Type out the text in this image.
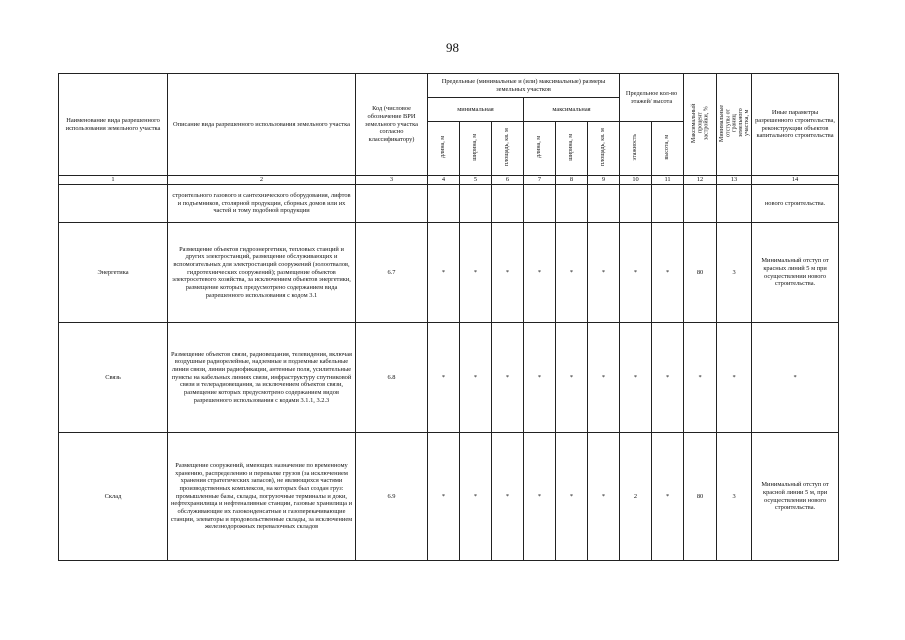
98
Наименование вида разрешенного использования земельного участка	Описание вида разрешенного использования земельного участка	Код (числовое обозначение ВРИ земельного участка согласно классификатору)	Предельные (минимальные и (или) максимальные) размеры земельных участков						Предельное кол-во этажей/ высота		Максимальный процент застройки, %	Минимальные отступы от границ земельного участка, м	Иные параметры разрешенного строительства, реконструкции объектов капитального строительства
			минимальная			максимальная							
			длина, м	ширина, м	площадь, кв. м	длина, м	ширина, м	площадь, кв. м	этажность	высота, м			
1	2	3	4	5	6	7	8	9	10	11	12	13	14
	строительного газового и сантехнического оборудования, лифтов и подъемников, столярной продукции, сборных домов или их частей и тому подобной продукции												нового строительства.
Энергетика	Размещение объектов гидроэнергетики, тепловых станций и других электростанций, размещение обслуживающих и вспомогательных для электростанций сооружений (золоотвалов, гидротехнических сооружений); размещение объектов электросетевого хозяйства, за исключением объектов энергетики, размещение которых предусмотрено содержанием вида разрешенного использования с кодом 3.1	6.7	*	*	*	*	*	*	*	*	80	3	Минимальный отступ от красных линий 5 м при осуществлении нового строительства.
Связь	Размещение объектов связи, радиовещания, телевидения, включая воздушные радиорелейные, надземные и подземные кабельные линии связи, линии радиофикации, антенные поля, усилительные пункты на кабельных линиях связи, инфраструктуру спутниковой связи и телерадиовещания, за исключением объектов связи, размещение которых предусмотрено содержанием видов разрешенного использования с кодами 3.1.1, 3.2.3	6.8	*	*	*	*	*	*	*	*	*	*	*
Склад	Размещение сооружений, имеющих назначение по временному хранению, распределению и перевалке грузов (за исключением хранения стратегических запасов), не являющихся частями производственных комплексов, на которых был создан груз: промышленные базы, склады, погрузочные терминалы и доки, нефтехранилища и нефтеналивные станции, газовые хранилища и обслуживающие их газоконденсатные и газоперекачивающие станции, элеваторы и продовольственные склады, за исключением железнодорожных перевалочных складов	6.9	*	*	*	*	*	*	2	*	80	3	Минимальный отступ от красной линии 5 м, при осуществлении нового строительства.
